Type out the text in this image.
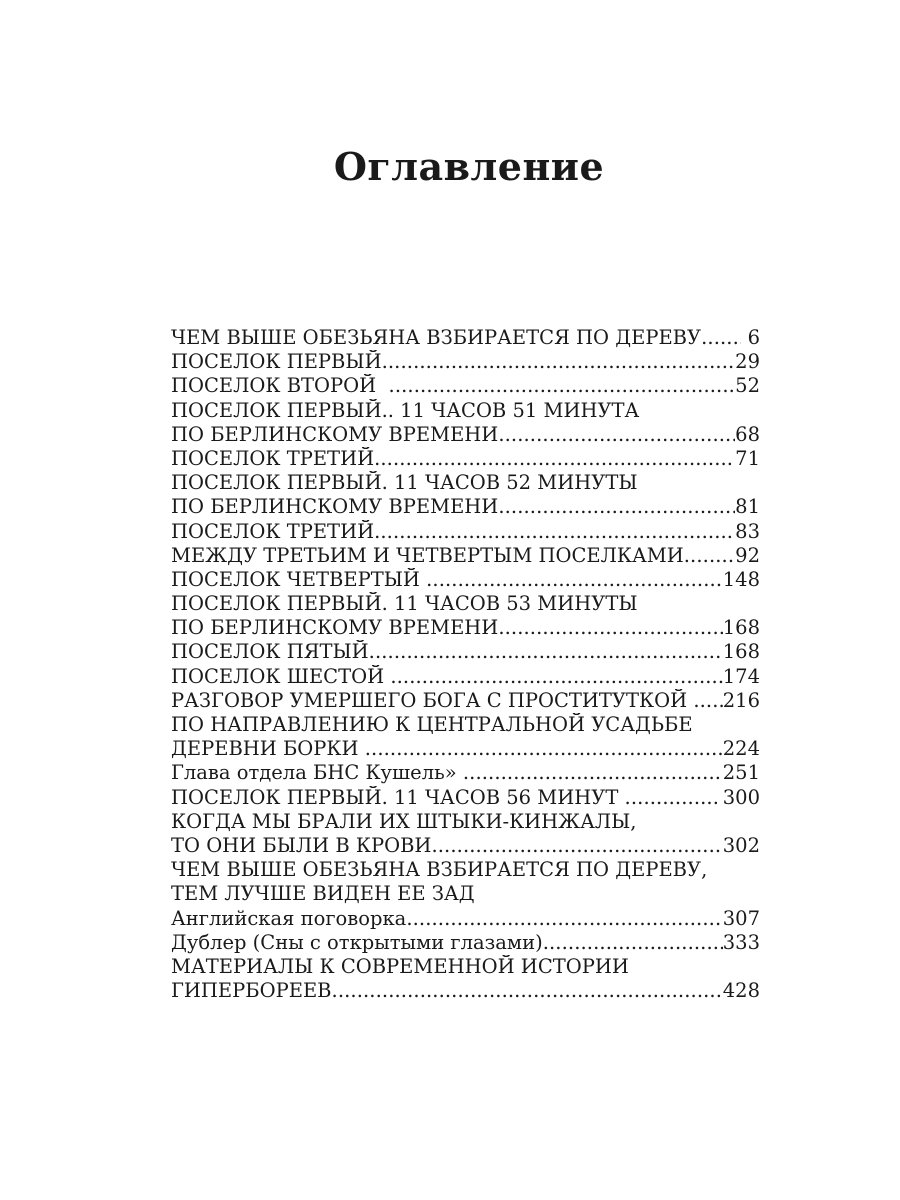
Оглавление
ЧЕМ ВЫШЕ ОБЕЗЬЯНА ВЗБИРАЕТСЯ ПО ДЕРЕВУ ..... 6
ПОСЕЛОК ПЕРВЫЙ .....	29
ПОСЕЛОК ВТОРОЙ .....	52
ПОСЕЛОК ПЕРВЫЙ.. 11 ЧАСОВ 51 МИНУТА
ПО БЕРЛИНСКОМУ ВРЕМЕНИ .....	68
ПОСЕЛОК ТРЕТИЙ .....	71
ПОСЕЛОК ПЕРВЫЙ. 11 ЧАСОВ 52 МИНУТЫ
ПО БЕРЛИНСКОМУ ВРЕМЕНИ .....	81
ПОСЕЛОК ТРЕТИЙ .....	83
МЕЖДУ ТРЕТЬИМ И ЧЕТВЕРТЫМ ПОСЕЛКАМИ .....	92
ПОСЕЛОК ЧЕТВЕРТЫЙ .....	148
ПОСЕЛОК ПЕРВЫЙ. 11 ЧАСОВ 53 МИНУТЫ
ПО БЕРЛИНСКОМУ ВРЕМЕНИ .....	168
ПОСЕЛОК ПЯТЫЙ .....	168
ПОСЕЛОК ШЕСТОЙ .....	174
РАЗГОВОР УМЕРШЕГО БОГА С ПРОСТИТУТКОЙ ..... 216
ПО НАПРАВЛЕНИЮ К ЦЕНТРАЛЬНОЙ УСАДЬБЕ
ДЕРЕВНИ БОРКИ .....	224
Глава отдела БНС Кушель» .....	251
ПОСЕЛОК ПЕРВЫЙ. 11 ЧАСОВ 56 МИНУТ .....	300
КОГДА МЫ БРАЛИ ИХ ШТЫКИ-КИНЖАЛЫ,
ТО ОНИ БЫЛИ В КРОВИ .....	302
ЧЕМ ВЫШЕ ОБЕЗЬЯНА ВЗБИРАЕТСЯ ПО ДЕРЕВУ,
ТЕМ ЛУЧШЕ ВИДЕН ЕЕ ЗАД
Английская поговорка .....	307
Дублер (Сны с открытыми глазами) .....	333
МАТЕРИАЛЫ К СОВРЕМЕННОЙ ИСТОРИИ
ГИПЕРБОРЕЕВ .....	428
